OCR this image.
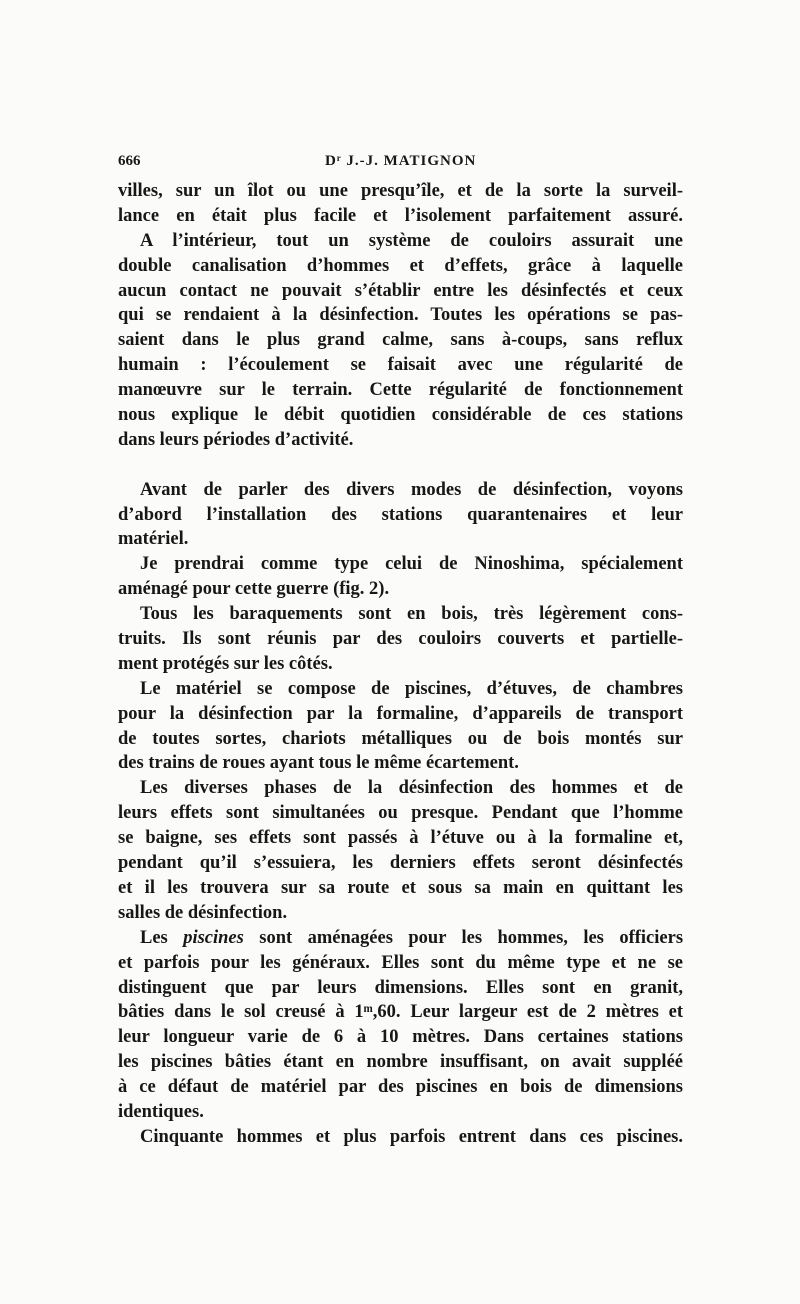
666	Dʳ J.-J. MATIGNON
villes, sur un îlot ou une presqu’île, et de la sorte la surveil-
lance en était plus facile et l’isolement parfaitement assuré.
A l’intérieur, tout un système de couloirs assurait une
double canalisation d’hommes et d’effets, grâce à laquelle
aucun contact ne pouvait s’établir entre les désinfectés et ceux
qui se rendaient à la désinfection. Toutes les opérations se pas-
saient dans le plus grand calme, sans à-coups, sans reflux
humain : l’écoulement se faisait avec une régularité de
manœuvre sur le terrain. Cette régularité de fonctionnement
nous explique le débit quotidien considérable de ces stations
dans leurs périodes d’activité.
Avant de parler des divers modes de désinfection, voyons
d’abord l’installation des stations quarantenaires et leur
matériel.
Je prendrai comme type celui de Ninoshima, spécialement
aménagé pour cette guerre (fig. 2).
Tous les baraquements sont en bois, très légèrement cons-
truits. Ils sont réunis par des couloirs couverts et partielle-
ment protégés sur les côtés.
Le matériel se compose de piscines, d’étuves, de chambres
pour la désinfection par la formaline, d’appareils de transport
de toutes sortes, chariots métalliques ou de bois montés sur
des trains de roues ayant tous le même écartement.
Les diverses phases de la désinfection des hommes et de
leurs effets sont simultanées ou presque. Pendant que l’homme
se baigne, ses effets sont passés à l’étuve ou à la formaline et,
pendant qu’il s’essuiera, les derniers effets seront désinfectés
et il les trouvera sur sa route et sous sa main en quittant les
salles de désinfection.
Les piscines sont aménagées pour les hommes, les officiers
et parfois pour les généraux. Elles sont du même type et ne se
distinguent que par leurs dimensions. Elles sont en granit,
bâties dans le sol creusé à 1ᵐ,60. Leur largeur est de 2 mètres et
leur longueur varie de 6 à 10 mètres. Dans certaines stations
les piscines bâties étant en nombre insuffisant, on avait suppléé
à ce défaut de matériel par des piscines en bois de dimensions
identiques.
Cinquante hommes et plus parfois entrent dans ces piscines.
